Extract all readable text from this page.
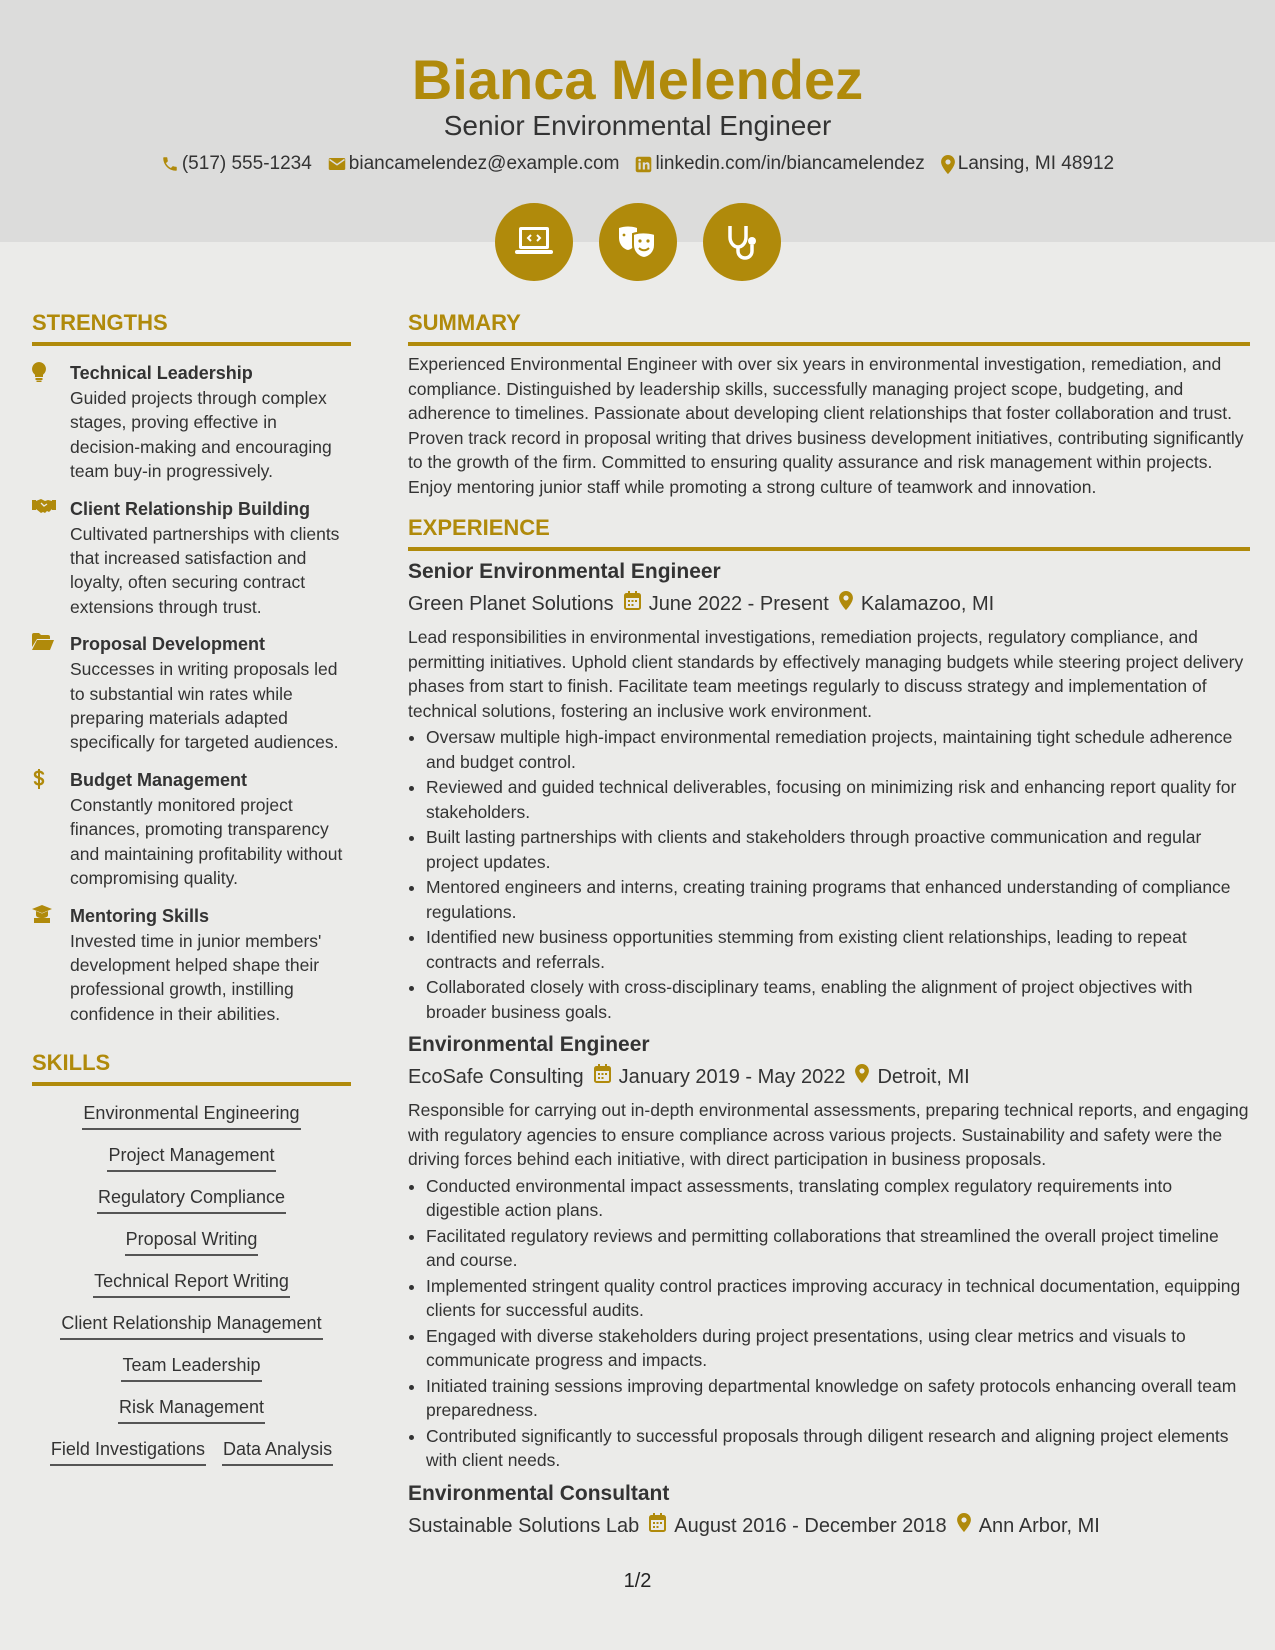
Bianca Melendez
Senior Environmental Engineer
(517) 555-1234 biancamelendez@example.com linkedin.com/in/biancamelendez Lansing, MI 48912
STRENGTHS
Technical Leadership
Guided projects through complex stages, proving effective in decision-making and encouraging team buy-in progressively.
Client Relationship Building
Cultivated partnerships with clients that increased satisfaction and loyalty, often securing contract extensions through trust.
Proposal Development
Successes in writing proposals led to substantial win rates while preparing materials adapted specifically for targeted audiences.
Budget Management
Constantly monitored project finances, promoting transparency and maintaining profitability without compromising quality.
Mentoring Skills
Invested time in junior members' development helped shape their professional growth, instilling confidence in their abilities.
SKILLS
Environmental Engineering
Project Management
Regulatory Compliance
Proposal Writing
Technical Report Writing
Client Relationship Management
Team Leadership
Risk Management
Field Investigations Data Analysis
SUMMARY

Experienced Environmental Engineer with over six years in environmental investigation, remediation, and compliance. Distinguished by leadership skills, successfully managing project scope, budgeting, and adherence to timelines. Passionate about developing client relationships that foster collaboration and trust. Proven track record in proposal writing that drives business development initiatives, contributing significantly to the growth of the firm. Committed to ensuring quality assurance and risk management within projects. Enjoy mentoring junior staff while promoting a strong culture of teamwork and innovation.

EXPERIENCE
Senior Environmental Engineer
Green Planet Solutions June 2022 - Present Kalamazoo, MI

Lead responsibilities in environmental investigations, remediation projects, regulatory compliance, and permitting initiatives. Uphold client standards by effectively managing budgets while steering project delivery phases from start to finish. Facilitate team meetings regularly to discuss strategy and implementation of technical solutions, fostering an inclusive work environment.

• Oversaw multiple high-impact environmental remediation projects, maintaining tight schedule adherence and budget control.
• Reviewed and guided technical deliverables, focusing on minimizing risk and enhancing report quality for stakeholders.
• Built lasting partnerships with clients and stakeholders through proactive communication and regular project updates.
• Mentored engineers and interns, creating training programs that enhanced understanding of compliance regulations.
• Identified new business opportunities stemming from existing client relationships, leading to repeat contracts and referrals.
• Collaborated closely with cross-disciplinary teams, enabling the alignment of project objectives with broader business goals.
Environmental Engineer
EcoSafe Consulting January 2019 - May 2022 Detroit, MI

Responsible for carrying out in-depth environmental assessments, preparing technical reports, and engaging with regulatory agencies to ensure compliance across various projects. Sustainability and safety were the driving forces behind each initiative, with direct participation in business proposals.

• Conducted environmental impact assessments, translating complex regulatory requirements into digestible action plans.
• Facilitated regulatory reviews and permitting collaborations that streamlined the overall project timeline and course.
• Implemented stringent quality control practices improving accuracy in technical documentation, equipping clients for successful audits.
• Engaged with diverse stakeholders during project presentations, using clear metrics and visuals to communicate progress and impacts.
• Initiated training sessions improving departmental knowledge on safety protocols enhancing overall team preparedness.
• Contributed significantly to successful proposals through diligent research and aligning project elements with client needs.
Environmental Consultant
Sustainable Solutions Lab August 2016 - December 2018 Ann Arbor, MI
1/2
